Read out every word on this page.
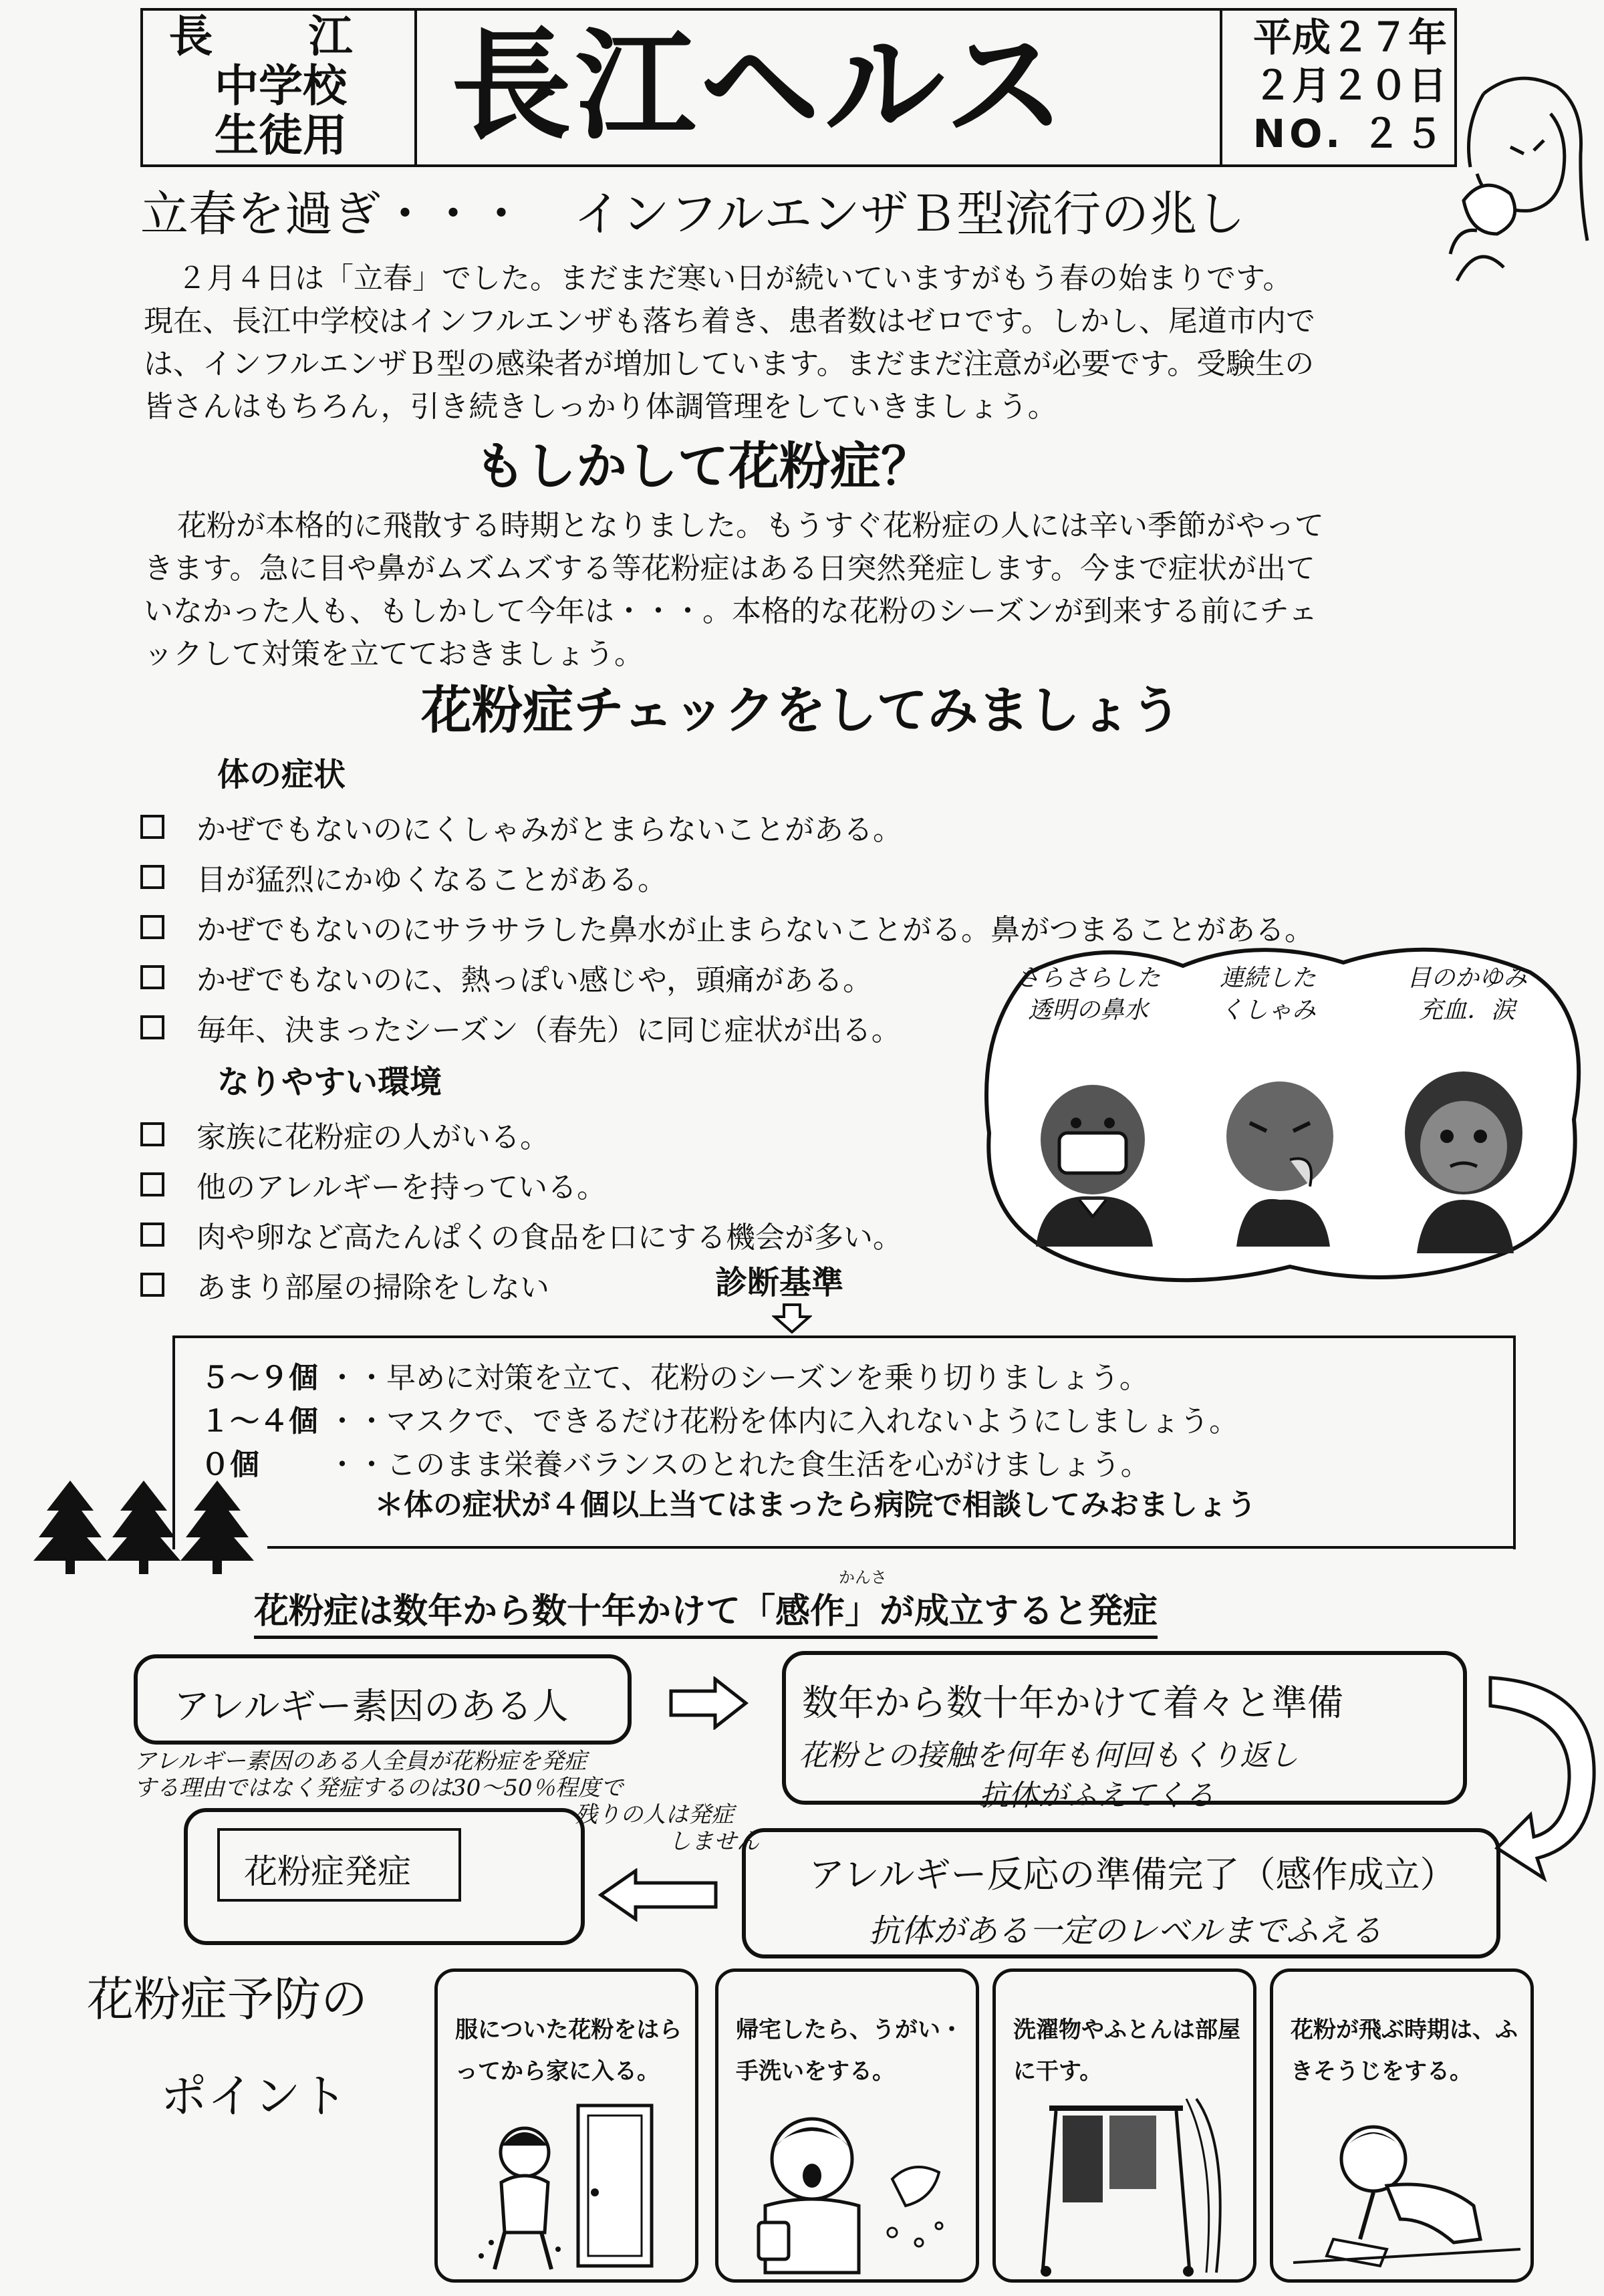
長 江
中学校
生徒用 長江ヘルス	平成２７年
２月２０日
NO. ２５
立春を過ぎ・・・　インフルエンザＢ型流行の兆し

２月４日は「立春」でした。まだまだ寒い日が続いていますがもう春の始まりです。

現在、長江中学校はインフルエンザも落ち着き、患者数はゼロです。しかし、尾道市内で

は、インフルエンザＢ型の感染者が増加しています。まだまだ注意が必要です。受験生の

皆さんはもちろん，引き続きしっかり体調管理をしていきましょう。

もしかして花粉症？

花粉が本格的に飛散する時期となりました。もうすぐ花粉症の人には辛い季節がやって

きます。急に目や鼻がムズムズする等花粉症はある日突然発症します。今まで症状が出て

いなかった人も、もしかして今年は・・・。本格的な花粉のシーズンが到来する前にチェ

ックして対策を立てておきましょう。

花粉症チェックをしてみましょう
体の症状
かぜでもないのにくしゃみがとまらないことがある。
目が猛烈にかゆくなることがある。
かぜでもないのにサラサラした鼻水が止まらないことがる。鼻がつまることがある。
かぜでもないのに、熱っぽい感じや，頭痛がある。
毎年、決まったシーズン（春先）に同じ症状が出る。
なりやすい環境
家族に花粉症の人がいる。
他のアレルギーを持っている。
肉や卵など高たんぱくの食品を口にする機会が多い。
あまり部屋の掃除をしない
さらさらした
透明の鼻水
連続した
くしゃみ
目のかゆみ
充血．涙
診断基準
５～９個 ・・早めに対策を立て、花粉のシーズンを乗り切りましょう。
１～４個 ・・マスクで、できるだけ花粉を体内に入れないようにしましょう。
０個 ・・このまま栄養バランスのとれた食生活を心がけましょう。
＊体の症状が４個以上当てはまったら病院で相談してみおましょう
かんさ
花粉症は数年から数十年かけて「感作」が成立すると発症
アレルギー素因のある人	数年から数十年かけて着々と準備
花粉との接触を何年も何回もくり返し
抗体がふえてくる
アレルギー素因のある人全員が花粉症を発症
する理由ではなく発症するのは30～50％程度で
残りの人は発症
しません
花粉症発症	アレルギー反応の準備完了（感作成立）
抗体がある一定のレベルまでふえる
花粉症予防の
ポイント
服についた花粉をはら
ってから家に入る。
帰宅したら、うがい・
手洗いをする。
洗濯物やふとんは部屋
に干す。
花粉が飛ぶ時期は、ふ
きそうじをする。
